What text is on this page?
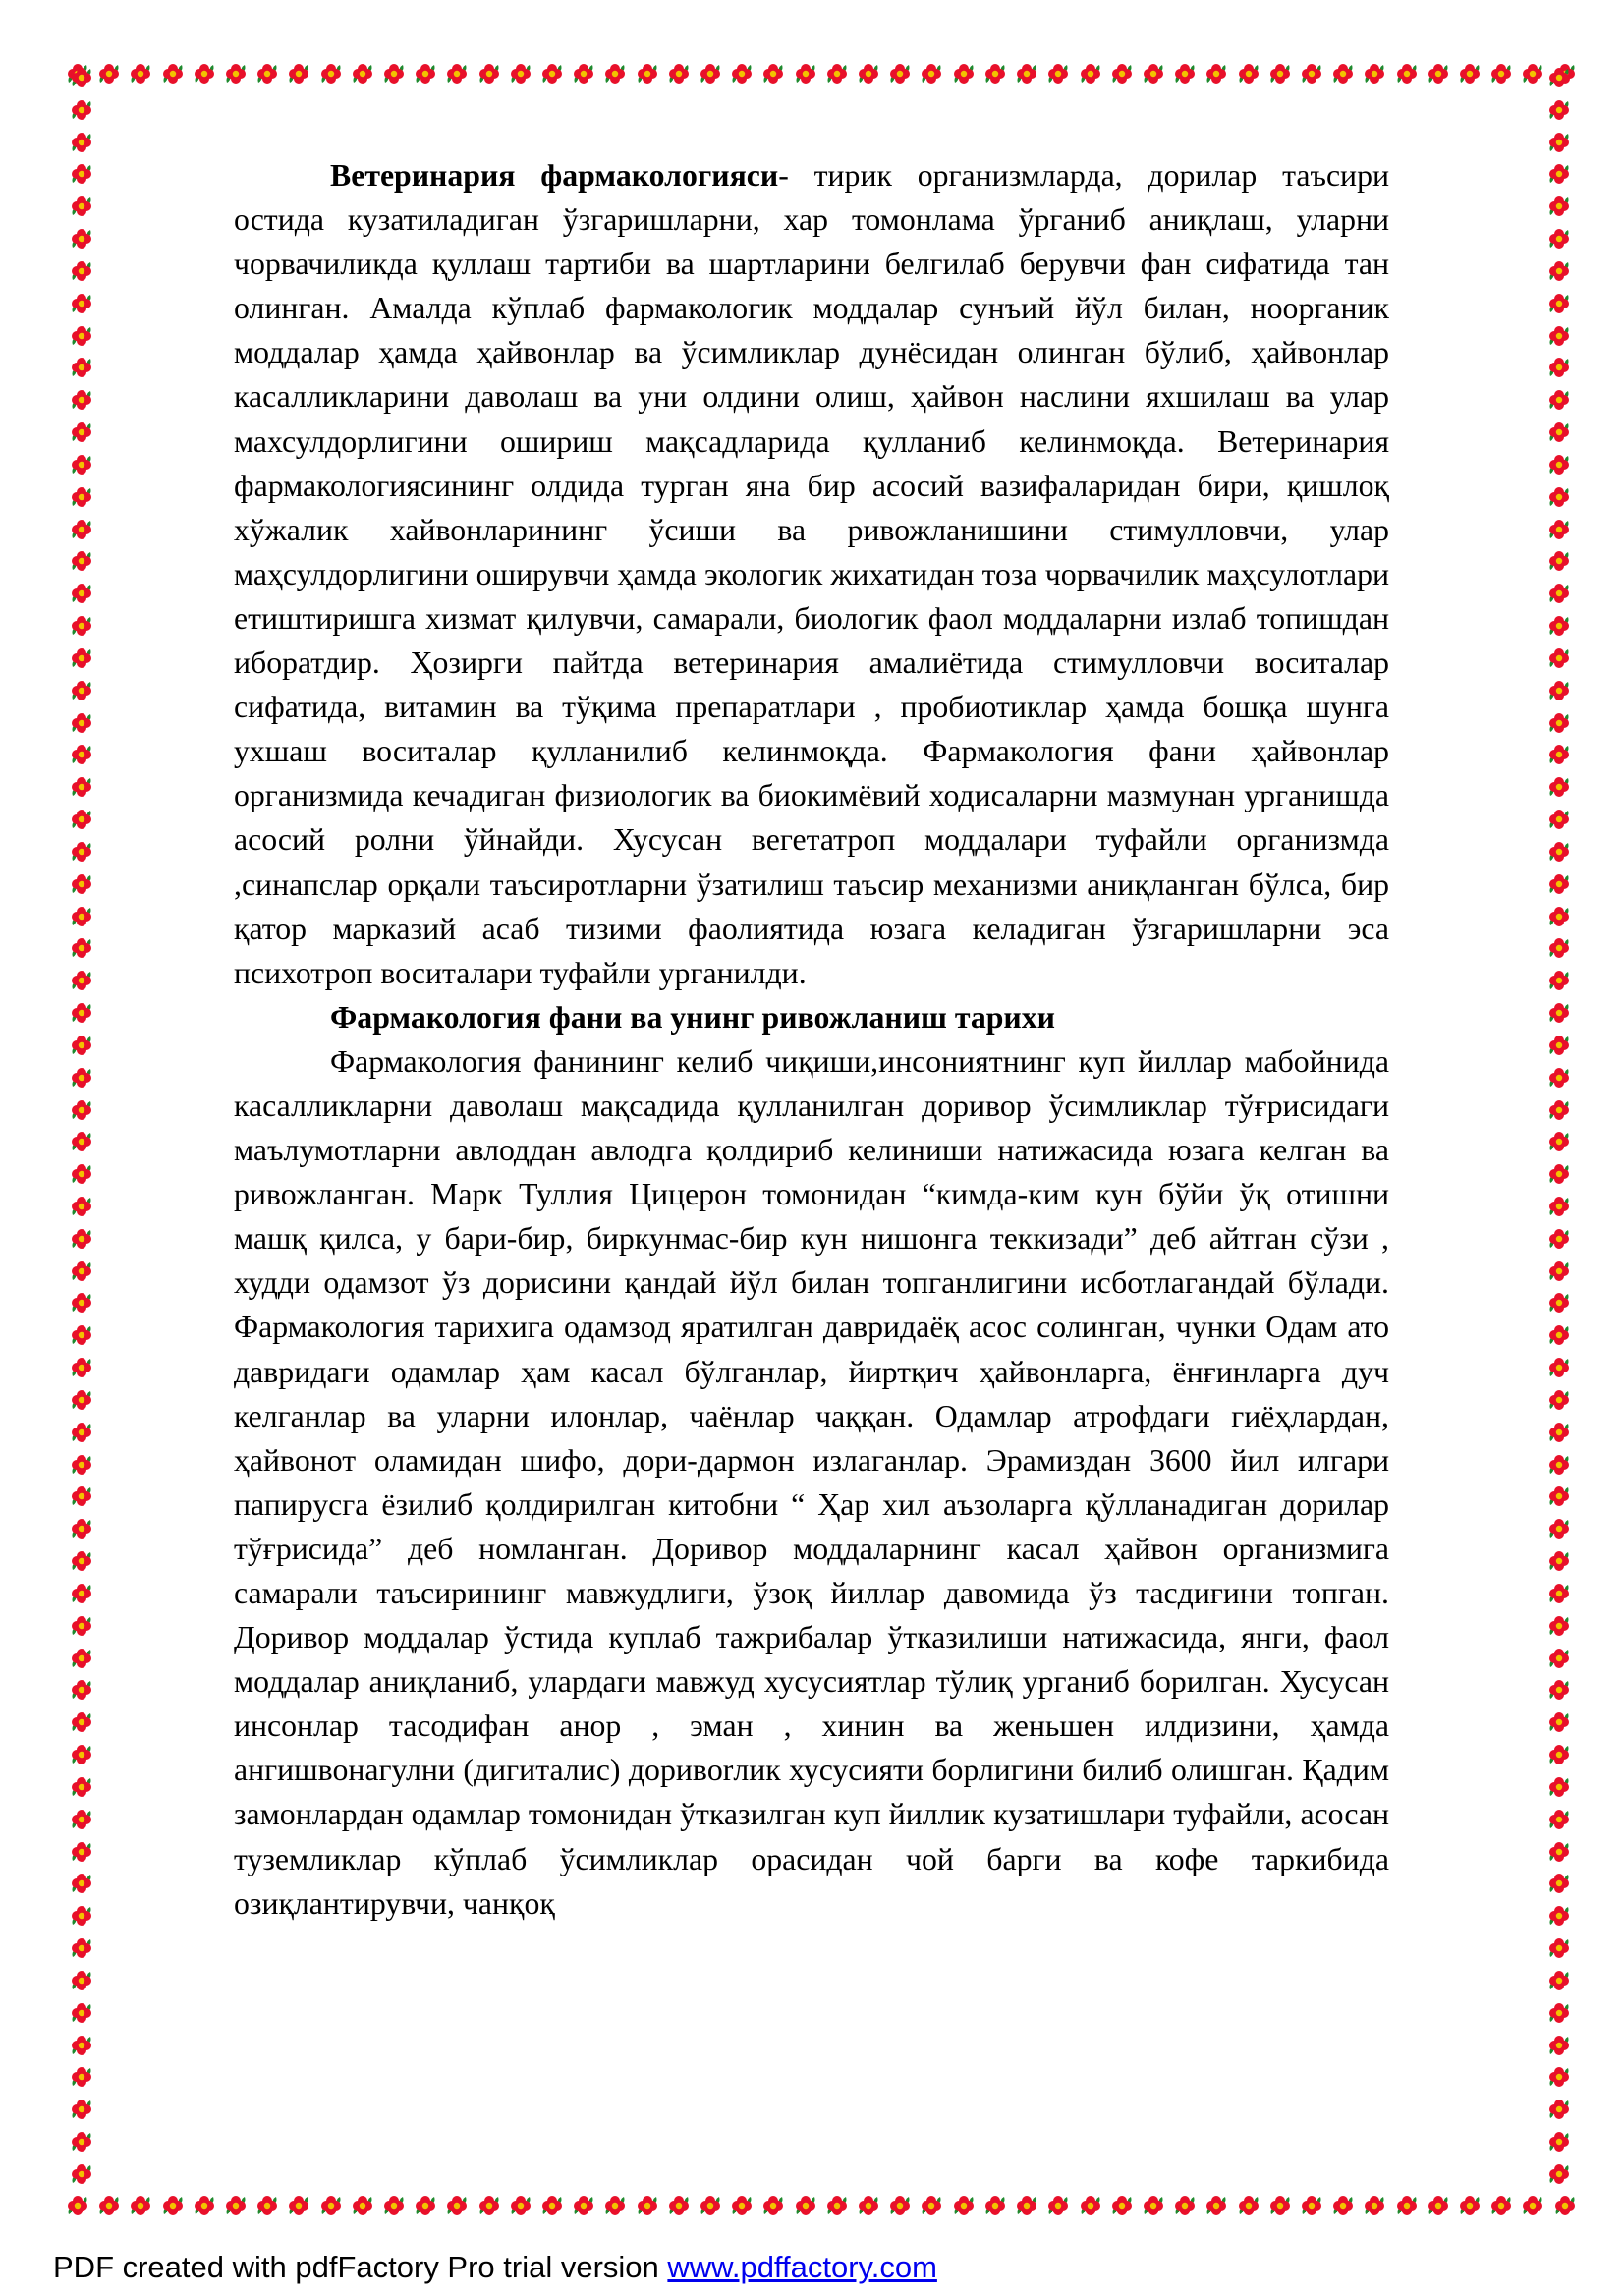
Ветеринария фармакологияси- тирик организмларда, дорилар таъсири остида кузатиладиган ўзгаришларни, хар томонлама ўрганиб аниқлаш, уларни чорвачиликда қуллаш тартиби ва шартларини белгилаб берувчи фан сифатида тан олинган. Амалда кўплаб фармакологик моддалар сунъий йўл билан, ноорганик моддалар ҳамда ҳайвонлар ва ўсимликлар дунёсидан олинган бўлиб, ҳайвонлар касалликларини даволаш ва уни олдини олиш, ҳайвон наслини яхшилаш ва улар махсулдорлигини ошириш мақсадларида қулланиб келинмоқда. Ветеринария фармакологиясининг олдида турган яна бир асосий вазифаларидан бири, қишлоқ хўжалик хайвонларининг ўсиши ва ривожланишини стимулловчи, улар маҳсулдорлигини оширувчи ҳамда экологик жихатидан тоза чорвачилик маҳсулотлари етиштиришга хизмат қилувчи, самарали, биологик фаол моддаларни излаб топишдан иборатдир. Ҳозирги пайтда ветеринария амалиётида стимулловчи воситалар сифатида, витамин ва тўқима препаратлари , пробиотиклар ҳамда бошқа шунга ухшаш воситалар қулланилиб келинмоқда. Фармакология фани ҳайвонлар организмида кечадиган физиологик ва биокимёвий ходисаларни мазмунан урганишда асосий ролни ўйнайди. Хусусан вегетатроп моддалари туфайли организмда ,синапслар орқали таъсиротларни ўзатилиш таъсир механизми аниқланган бўлса, бир қатор марказий асаб тизими фаолиятида юзага келадиган ўзгаришларни эса психотроп воситалари туфайли урганилди.

Фармакология фани ва унинг ривожланиш тарихи

Фармакология фанининг келиб чиқиши,инсониятнинг куп йиллар мабойнида касалликларни даволаш мақсадида қулланилган доривор ўсимликлар тўғрисидаги маълумотларни авлоддан авлодга қолдириб келиниши натижасида юзага келган ва ривожланган. Марк Туллия Цицерон томонидан “кимда-ким кун бўйи ўқ отишни машқ қилса, у бари-бир, биркунмас-бир кун нишонга теккизади” деб айтган сўзи , худди одамзот ўз дорисини қандай йўл билан топганлигини исботлагандай бўлади. Фармакология тарихига одамзод яратилган давридаёқ асос солинган, чунки Одам ато давридаги одамлар ҳам касал бўлганлар, йиртқич ҳайвонларга, ёнғинларга дуч келганлар ва уларни илонлар, чаёнлар чаққан. Одамлар атрофдаги гиёҳлардан, ҳайвонот оламидан шифо, дори-дармон излаганлар. Эрамиздан 3600 йил илгари папирусга ёзилиб қолдирилган китобни “ Ҳар хил аъзоларга қўлланадиган дорилар тўғрисида” деб номланган. Доривор моддаларнинг касал ҳайвон организмига самарали таъсирининг мавжудлиги, ўзоқ йиллар давомида ўз тасдиғини топган. Доривор моддалар ўстида куплаб тажрибалар ўтказилиши натижасида, янги, фаол моддалар аниқланиб, улардаги мавжуд хусусиятлар тўлиқ урганиб борилган. Хусусан инсонлар тасодифан анор , эман , хинин ва женьшен илдизини, ҳамда ангишвонагулни (дигиталис) доривorлик хусусияти борлигини билиб олишган. Қадим замонлардан одамлар томонидан ўтказилган куп йиллик кузатишлари туфайли, асосан туземликлар кўплаб ўсимликлар орасидан чой барги ва кофе таркибида озиқлантирувчи, чанқоқ

PDF created with pdfFactory Pro trial version www.pdffactory.com
